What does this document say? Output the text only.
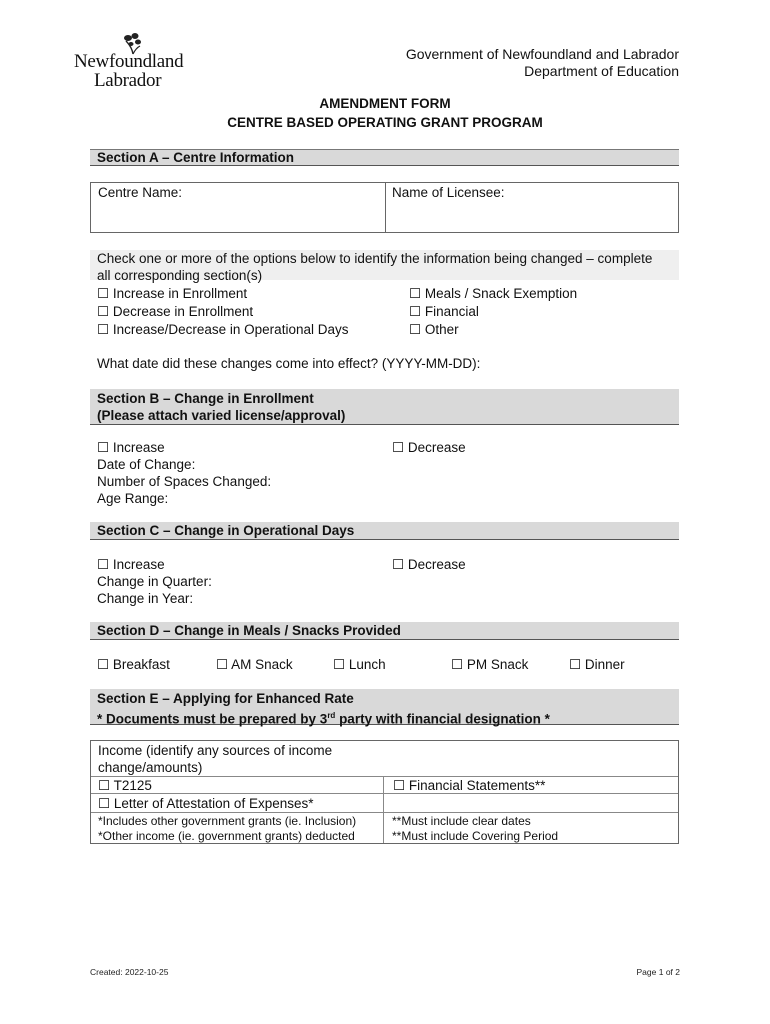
Newfoundland
Labrador
Government of Newfoundland and Labrador
Department of Education
AMENDMENT FORM
CENTRE BASED OPERATING GRANT PROGRAM
Section A – Centre Information
Centre Name:	Name of Licensee:
Check one or more of the options below to identify the information being changed – complete
all corresponding section(s)
☐ Increase in Enrollment
☐ Decrease in Enrollment
☐ Increase/Decrease in Operational Days
☐ Meals / Snack Exemption
☐ Financial
☐ Other
What date did these changes come into effect? (YYYY-MM-DD):
Section B – Change in Enrollment
(Please attach varied license/approval)
☐ Increase	☐ Decrease
Date of Change:
Number of Spaces Changed:
Age Range:
Section C – Change in Operational Days
☐ Increase	☐ Decrease
Change in Quarter:
Change in Year:
Section D – Change in Meals / Snacks Provided
☐ Breakfast	☐ AM Snack	☐ Lunch	☐ PM Snack	☐ Dinner
Section E – Applying for Enhanced Rate
* Documents must be prepared by 3rd party with financial designation *
Income (identify any sources of income
change/amounts)
☐ T2125	☐ Financial Statements**
☐ Letter of Attestation of Expenses*
*Includes other government grants (ie. Inclusion)
*Other income (ie. government grants) deducted
**Must include clear dates
**Must include Covering Period
Created: 2022-10-25	Page 1 of 2
